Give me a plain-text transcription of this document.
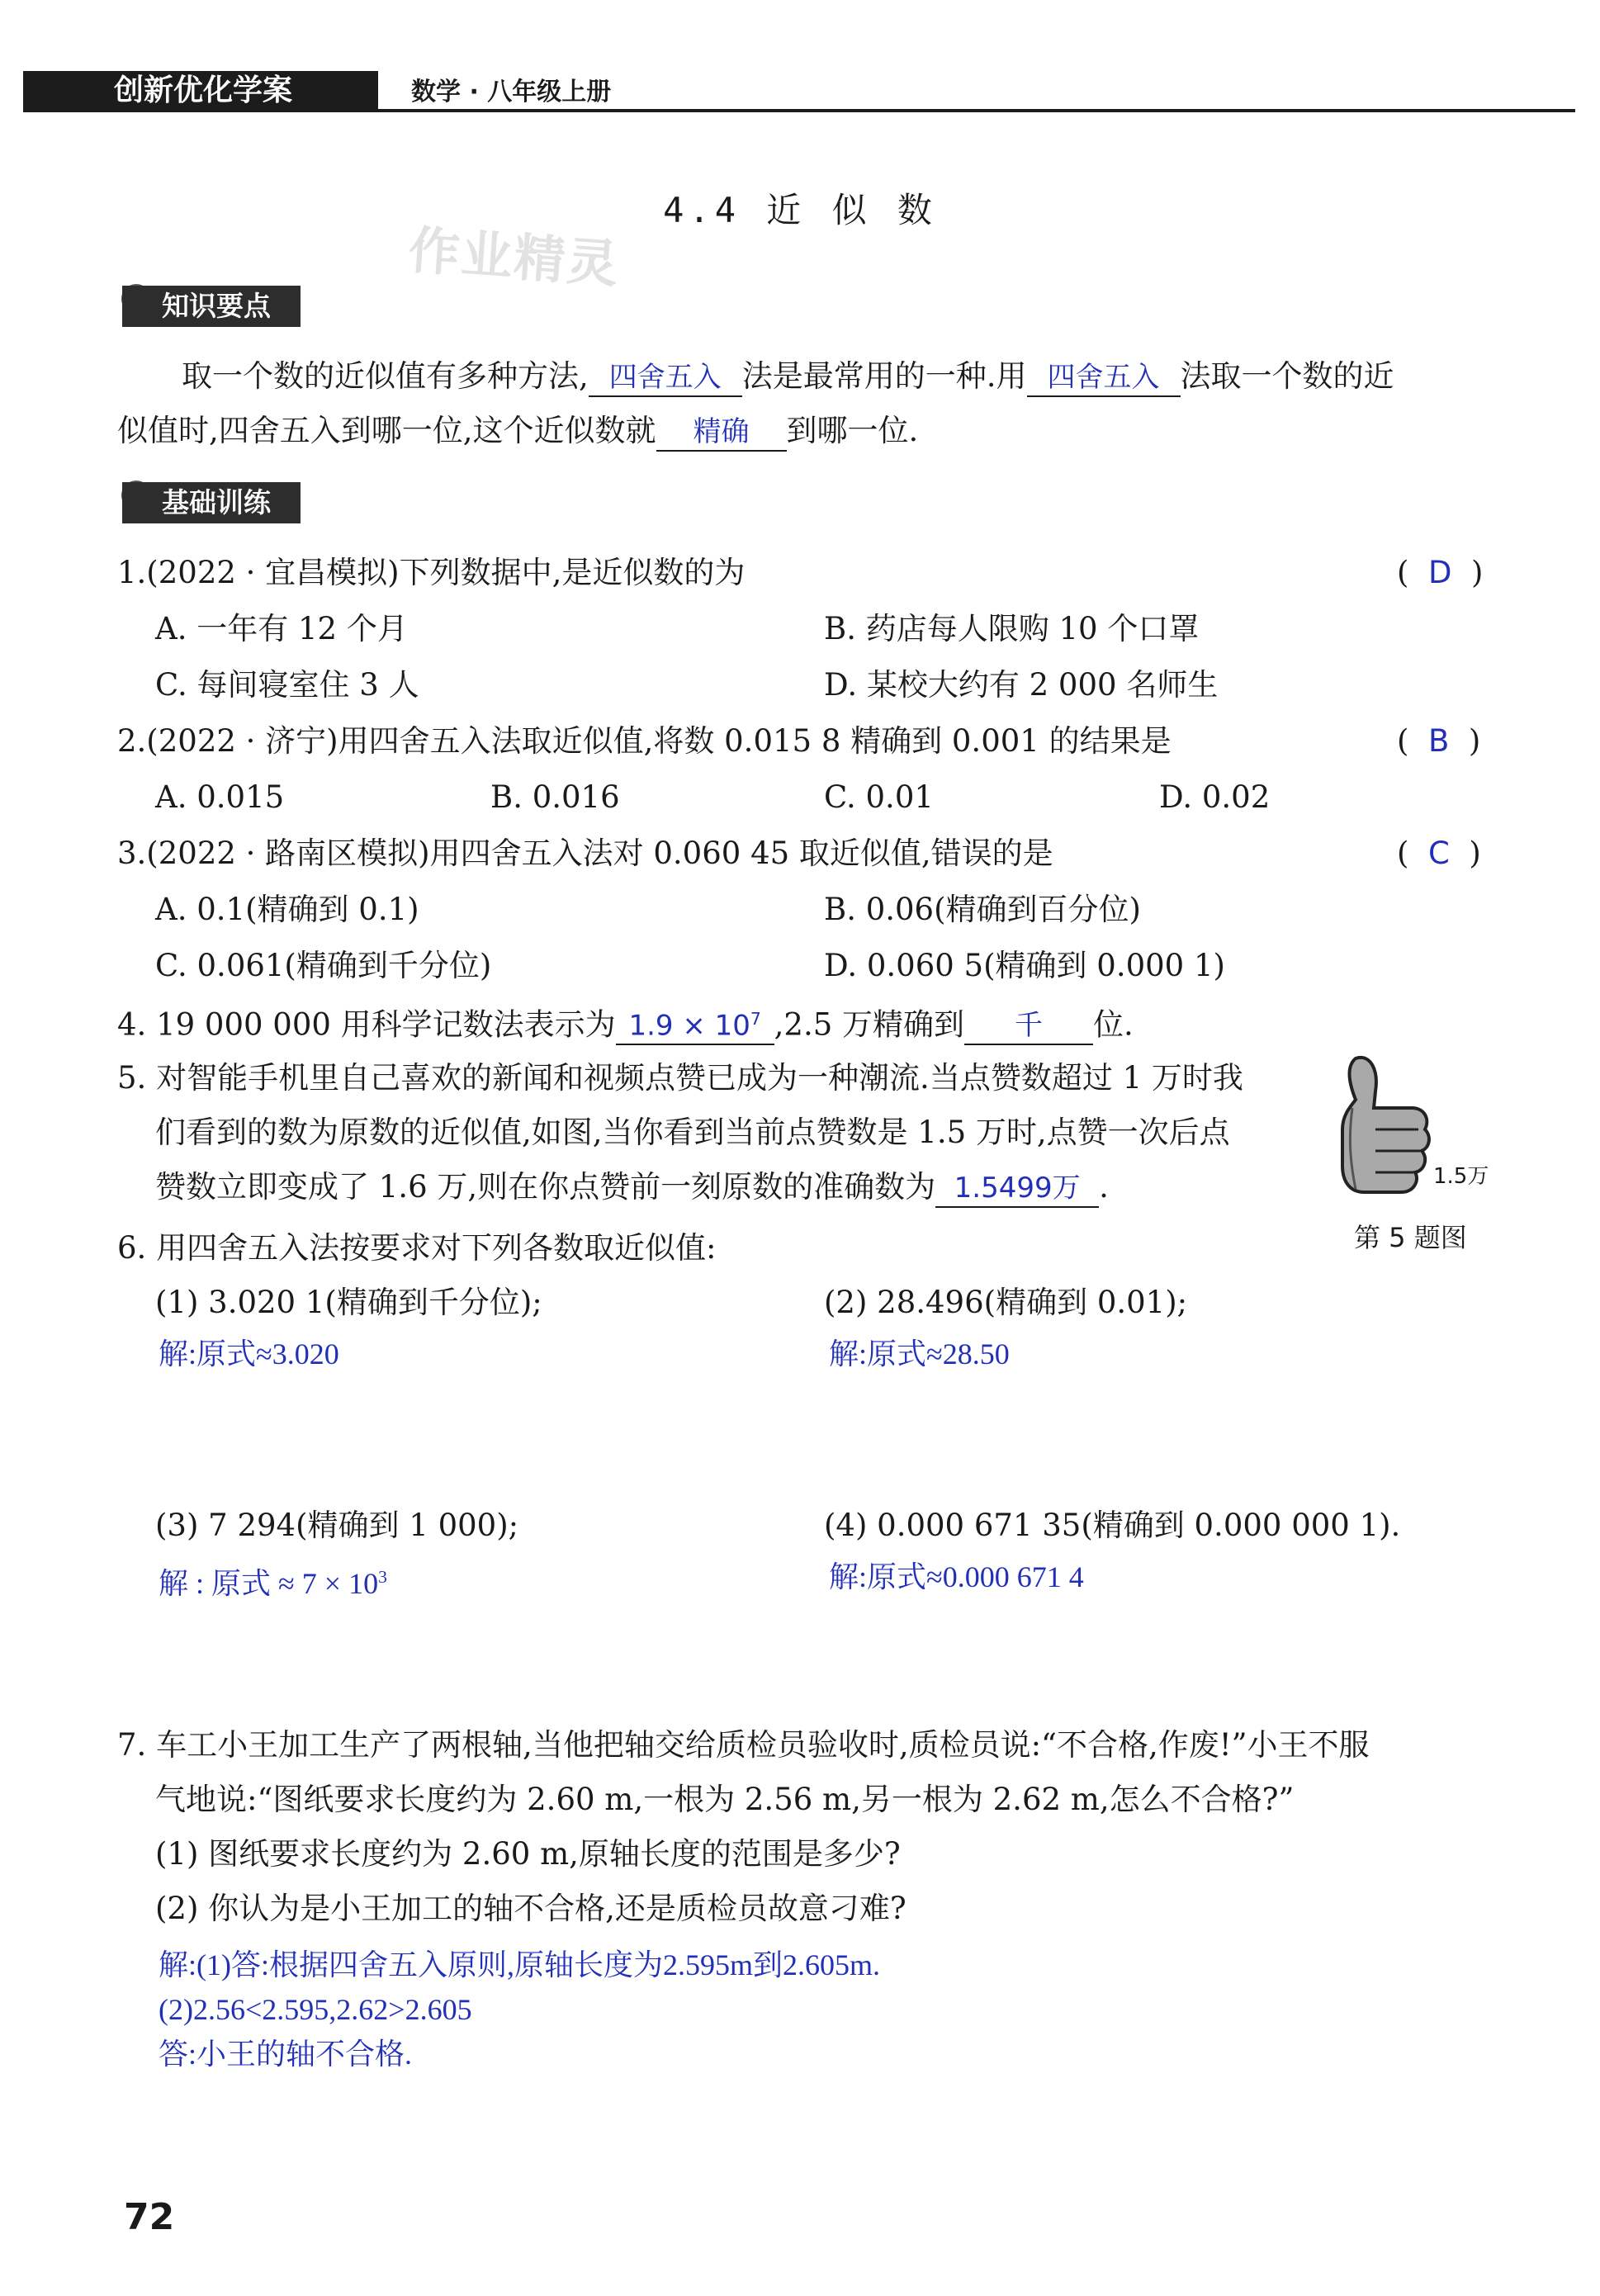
创新优化学案	数学 · 八年级上册
作业精灵
4.4 近 似 数
知识要点
取一个数的近似值有多种方法, 四舍五入 法是最常用的一种.用 四舍五入 法取一个数的近
似值时,四舍五入到哪一位,这个近似数就 精确 到哪一位.
基础训练
1.(2022 · 宜昌模拟)下列数据中,是近似数的为	(  D  )
A. 一年有 12 个月	B. 药店每人限购 10 个口罩
C. 每间寝室住 3 人	D. 某校大约有 2 000 名师生
2.(2022 · 济宁)用四舍五入法取近似值,将数 0.015 8 精确到 0.001 的结果是	(  B  )
A. 0.015	B. 0.016	C. 0.01	D. 0.02
3.(2022 · 路南区模拟)用四舍五入法对 0.060 45 取近似值,错误的是	(  C  )
A. 0.1(精确到 0.1)	B. 0.06(精确到百分位)
C. 0.061(精确到千分位)	D. 0.060 5(精确到 0.000 1)
4. 19 000 000 用科学记数法表示为 $1.9 \times 10^7$ ,2.5 万精确到 千 位.
5. 对智能手机里自己喜欢的新闻和视频点赞已成为一种潮流.当点赞数超过 1 万时我
们看到的数为原数的近似值,如图,当你看到当前点赞数是 1.5 万时,点赞一次后点
赞数立即变成了 1.6 万,则在你点赞前一刻原数的准确数为 1.5499万 .	1.5万
第 5 题图
6. 用四舍五入法按要求对下列各数取近似值:
(1) 3.020 1(精确到千分位);	(2) 28.496(精确到 0.01);
解:原式≈3.020	解:原式≈28.50
(3) 7 294(精确到 1 000);	(4) 0.000 671 35(精确到 0.000 000 1).
解 : 原式 ≈ $7 \times 10^3$	解:原式≈0.000 671 4
7. 车工小王加工生产了两根轴,当他把轴交给质检员验收时,质检员说:“不合格,作废!”小王不服
气地说:“图纸要求长度约为 2.60 m,一根为 2.56 m,另一根为 2.62 m,怎么不合格?”
(1) 图纸要求长度约为 2.60 m,原轴长度的范围是多少?
(2) 你认为是小王加工的轴不合格,还是质检员故意刁难?
解:(1)答:根据四舍五入原则,原轴长度为2.595m到2.605m.
(2)2.56<2.595,2.62>2.605
答:小王的轴不合格.
72
